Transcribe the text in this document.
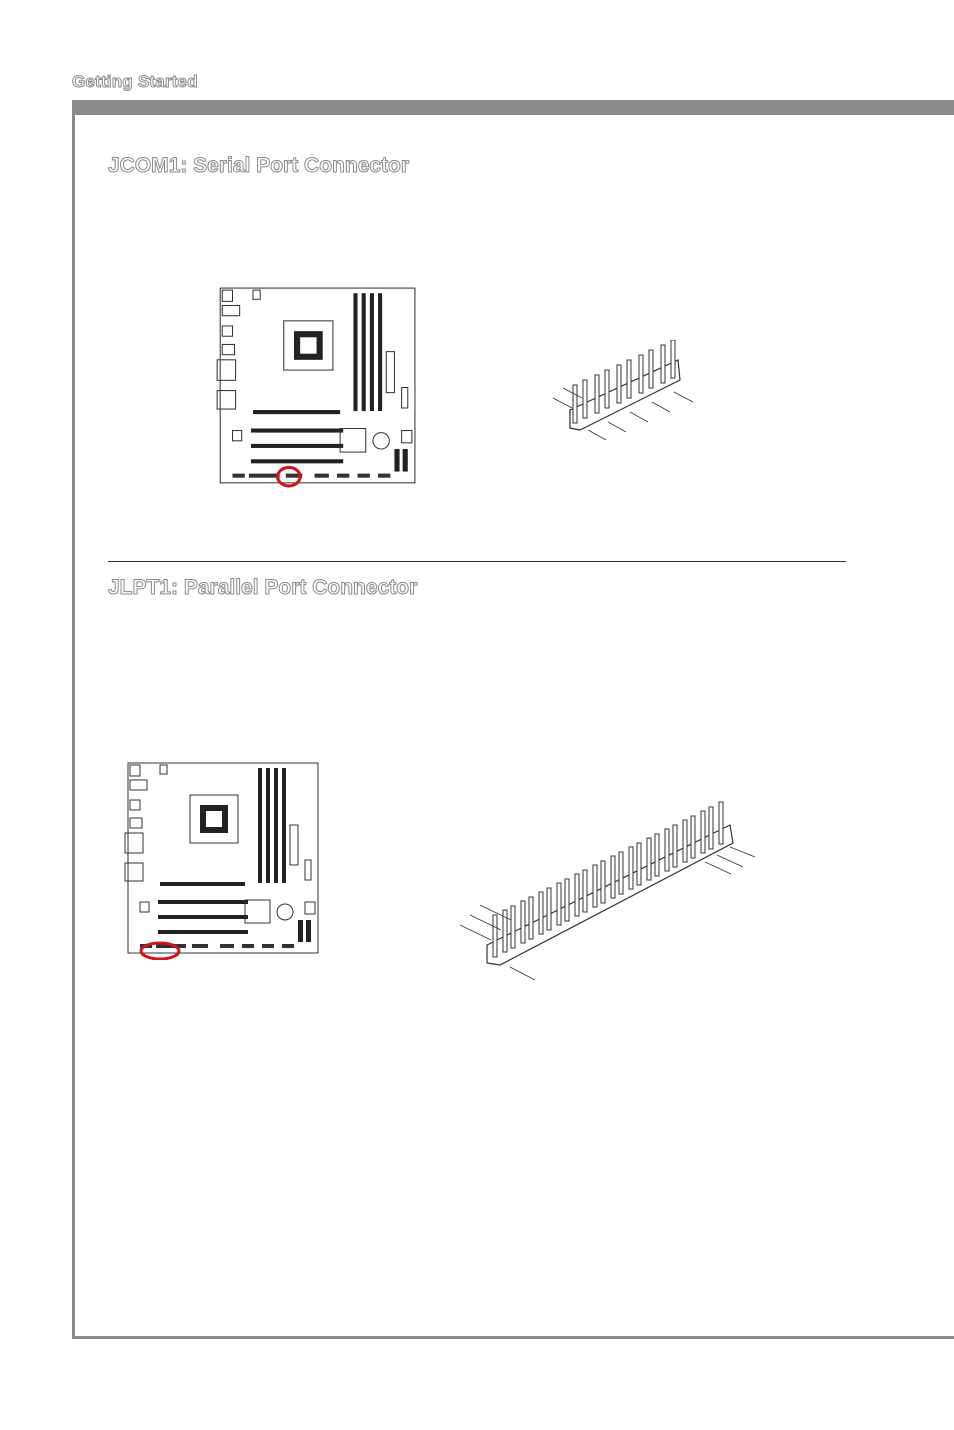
Getting Started
JCOM1: Serial Port Connector
JLPT1: Parallel Port Connector
